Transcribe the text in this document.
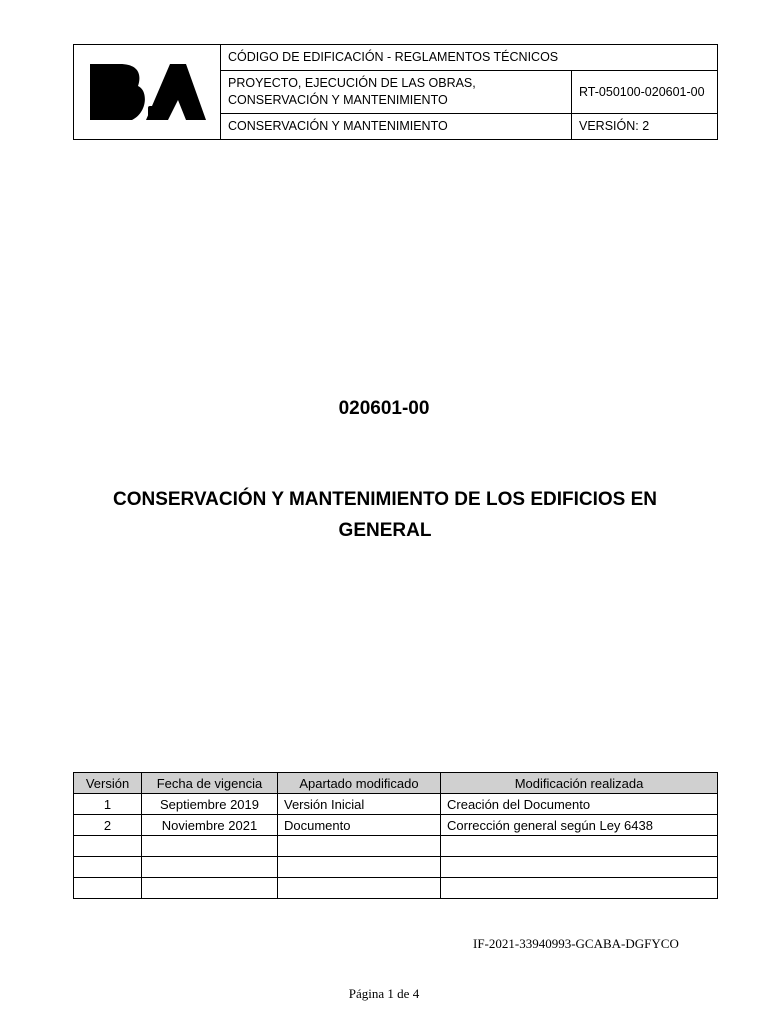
	CÓDIGO DE EDIFICACIÓN - REGLAMENTOS TÉCNICOS	
	PROYECTO, EJECUCIÓN DE LAS OBRAS, CONSERVACIÓN Y MANTENIMIENTO	RT-050100-020601-00
	CONSERVACIÓN Y MANTENIMIENTO	VERSIÓN: 2
020601-00
CONSERVACIÓN Y MANTENIMIENTO DE LOS EDIFICIOS EN GENERAL
Versión	Fecha de vigencia	Apartado modificado	Modificación realizada
1	Septiembre 2019	Versión Inicial	Creación del Documento
2	Noviembre 2021	Documento	Corrección general según Ley 6438

IF-2021-33940993-GCABA-DGFYCO
Página 1 de 4
